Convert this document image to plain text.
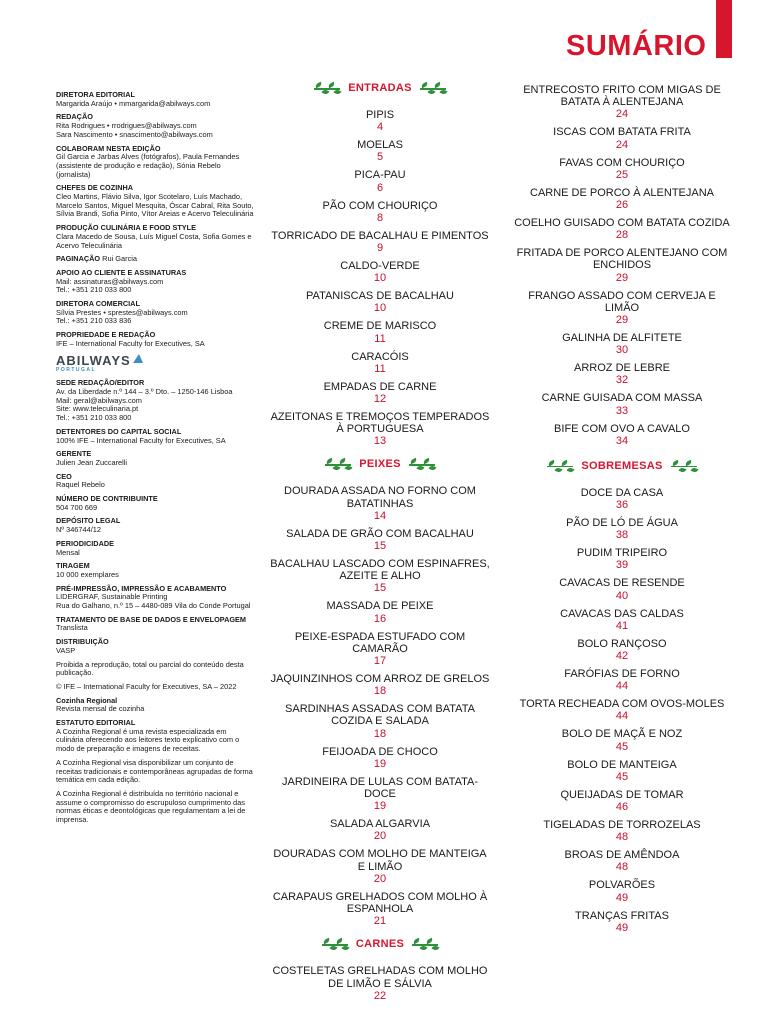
SUMÁRIO
DIRETORA EDITORIAL
Margarida Araújo • mmargarida@abilways.com
REDAÇÃO
Rita Rodrigues • rrodrigues@abilways.com
Sara Nascimento • snascimento@abilways.com
COLABORAM NESTA EDIÇÃO
Gil Garcia e Jarbas Alves (fotógrafos), Paula Fernandes (assistente de produção e redação), Sónia Rebelo (jornalista)
CHEFES DE COZINHA
Cleo Martins, Flávio Silva, Igor Scotelaro, Luís Machado, Marcelo Santos, Miguel Mesquita, Óscar Cabral, Rita Souto, Sílvia Brandi, Sofia Pinto, Vítor Areias e Acervo Teleculinária
PRODUÇÃO CULINÁRIA E FOOD STYLE
Clara Macedo de Sousa, Luís Miguel Costa, Sofia Gomes e Acervo Teleculinária
PAGINAÇÃO Rui Garcia
APOIO AO CLIENTE E ASSINATURAS
Mail: assinaturas@abilways.com
Tel.: +351 210 033 800
DIRETORA COMERCIAL
Sílvia Prestes • sprestes@abilways.com
Tel.: +351 210 033 836
PROPRIEDADE E REDAÇÃO
IFE – International Faculty for Executives, SA
ABILWAYS
PORTUGAL
SEDE REDAÇÃO/EDITOR
Av. da Liberdade n.º 144 – 3.º Dto. – 1250-146 Lisboa
Mail: geral@abilways.com
Site: www.teleculinaria.pt
Tel.: +351 210 033 800
DETENTORES DO CAPITAL SOCIAL
100% IFE – International Faculty for Executives, SA
GERENTE
Julien Jean Zuccarelli
CEO
Raquel Rebelo
NÚMERO DE CONTRIBUINTE
504 700 669
DEPÓSITO LEGAL
Nº 346744/12
PERIODICIDADE
Mensal
TIRAGEM
10 000 exemplares
PRÉ-IMPRESSÃO, IMPRESSÃO E ACABAMENTO
LIDERGRAF, Sustainable Printing
Rua do Galhano, n.º 15 – 4480-089 Vila do Conde Portugal
TRATAMENTO DE BASE DE DADOS E ENVELOPAGEM
Translista
DISTRIBUIÇÃO
VASP
Proibida a reprodução, total ou parcial do conteúdo desta publicação.
© IFE – International Faculty for Executives, SA – 2022
Cozinha Regional
Revista mensal de cozinha
ESTATUTO EDITORIAL
A Cozinha Regional é uma revista especializada em culinária oferecendo aos leitores texto explicativo com o modo de preparação e imagens de receitas.
A Cozinha Regional visa disponibilizar um conjunto de receitas tradicionais e contemporâneas agrupadas de forma temática em cada edição.
A Cozinha Regional é distribuída no território nacional e assume o compromisso do escrupuloso cumprimento das normas éticas e deontológicas que regulamentam a lei de imprensa.
ENTRADAS
PIPIS
4
MOELAS
5
PICA-PAU
6
PÃO COM CHOURIÇO
8
TORRICADO DE BACALHAU E PIMENTOS
9
CALDO-VERDE
10
PATANISCAS DE BACALHAU
10
CREME DE MARISCO
11
CARACÓIS
11
EMPADAS DE CARNE
12
AZEITONAS E TREMOÇOS TEMPERADOS À PORTUGUESA
13
PEIXES
DOURADA ASSADA NO FORNO COM BATATINHAS
14
SALADA DE GRÃO COM BACALHAU
15
BACALHAU LASCADO COM ESPINAFRES, AZEITE E ALHO
15
MASSADA DE PEIXE
16
PEIXE-ESPADA ESTUFADO COM CAMARÃO
17
JAQUINZINHOS COM ARROZ DE GRELOS
18
SARDINHAS ASSADAS COM BATATA COZIDA E SALADA
18
FEIJOADA DE CHOCO
19
JARDINEIRA DE LULAS COM BATATA-DOCE
19
SALADA ALGARVIA
20
DOURADAS COM MOLHO DE MANTEIGA E LIMÃO
20
CARAPAUS GRELHADOS COM MOLHO À ESPANHOLA
21
CARNES
COSTELETAS GRELHADAS COM MOLHO DE LIMÃO E SÁLVIA
22
ENTRECOSTO FRITO COM MIGAS DE BATATA À ALENTEJANA
24
ISCAS COM BATATA FRITA
24
FAVAS COM CHOURIÇO
25
CARNE DE PORCO À ALENTEJANA
26
COELHO GUISADO COM BATATA COZIDA
28
FRITADA DE PORCO ALENTEJANO COM ENCHIDOS
29
FRANGO ASSADO COM CERVEJA E LIMÃO
29
GALINHA DE ALFITETE
30
ARROZ DE LEBRE
32
CARNE GUISADA COM MASSA
33
BIFE COM OVO A CAVALO
34
SOBREMESAS
DOCE DA CASA
36
PÃO DE LÓ DE ÁGUA
38
PUDIM TRIPEIRO
39
CAVACAS DE RESENDE
40
CAVACAS DAS CALDAS
41
BOLO RANÇOSO
42
FARÓFIAS DE FORNO
44
TORTA RECHEADA COM OVOS-MOLES
44
BOLO DE MAÇÃ E NOZ
45
BOLO DE MANTEIGA
45
QUEIJADAS DE TOMAR
46
TIGELADAS DE TORROZELAS
48
BROAS DE AMÊNDOA
48
POLVARÕES
49
TRANÇAS FRITAS
49
